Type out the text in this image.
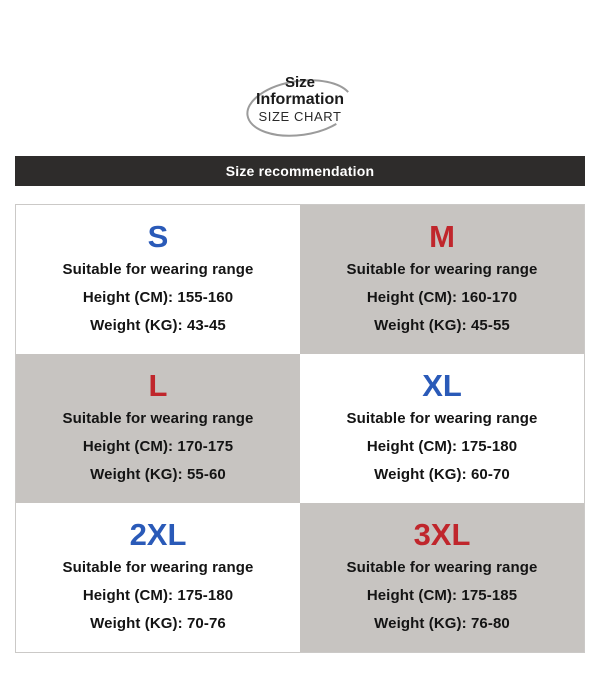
Size
Information
SIZE CHART
Size recommendation
S
Suitable for wearing range
Height (CM): 155-160
Weight (KG): 43-45
M
Suitable for wearing range
Height (CM): 160-170
Weight (KG): 45-55
L
Suitable for wearing range
Height (CM): 170-175
Weight (KG): 55-60
XL
Suitable for wearing range
Height (CM): 175-180
Weight (KG): 60-70
2XL
Suitable for wearing range
Height (CM): 175-180
Weight (KG): 70-76
3XL
Suitable for wearing range
Height (CM): 175-185
Weight (KG): 76-80
